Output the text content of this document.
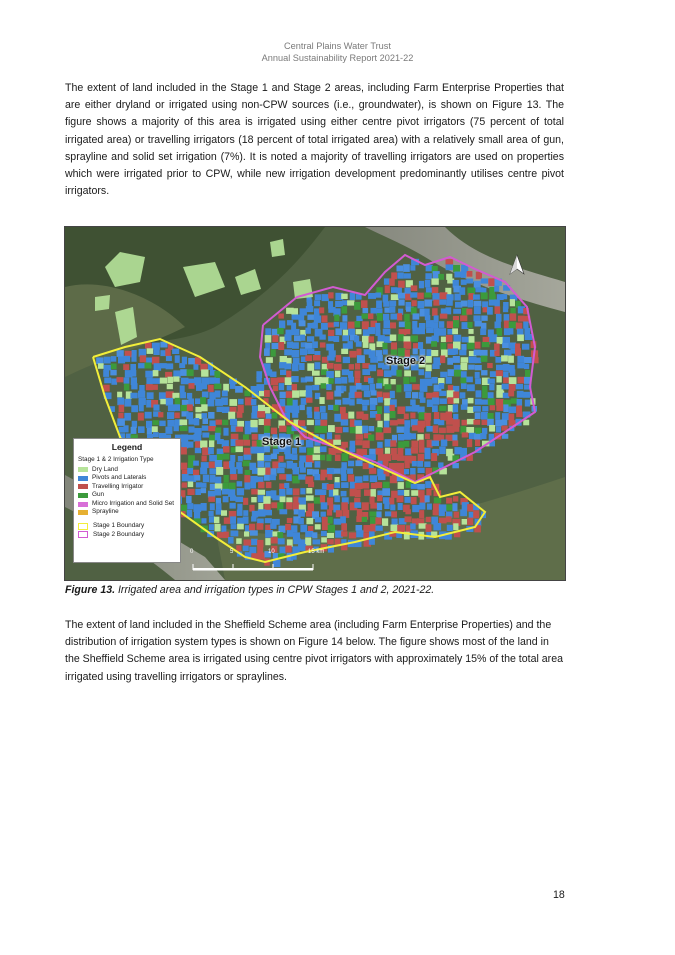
Central Plains Water Trust
Annual Sustainability Report 2021-22

The extent of land included in the Stage 1 and Stage 2 areas, including Farm Enterprise Properties that are either dryland or irrigated using non-CPW sources (i.e., groundwater), is shown on Figure 13. The figure shows a majority of this area is irrigated using either centre pivot irrigators (75 percent of total irrigated area) or travelling irrigators (18 percent of total irrigated area) with a relatively small area of gun, sprayline and solid set irrigation (7%). It is noted a majority of travelling irrigators are used on properties which were irrigated prior to CPW, while new irrigation development predominantly utilises centre pivot irrigators.

Stage 2
Stage 1
0	5	10	15 km
Legend
Stage 1 & 2 Irrigation Type
Dry Land
Pivots and Laterals
Travelling Irrigator
Gun
Micro Irrigation and Solid Set
Sprayline
Stage 1 Boundary
Stage 2 Boundary
Figure 13. Irrigated area and irrigation types in CPW Stages 1 and 2, 2021-22.

The extent of land included in the Sheffield Scheme area (including Farm Enterprise Properties) and the distribution of irrigation system types is shown on Figure 14 below. The figure shows most of the land in the Sheffield Scheme area is irrigated using centre pivot irrigators with approximately 15% of the total area irrigated using travelling irrigators or spraylines.

18
